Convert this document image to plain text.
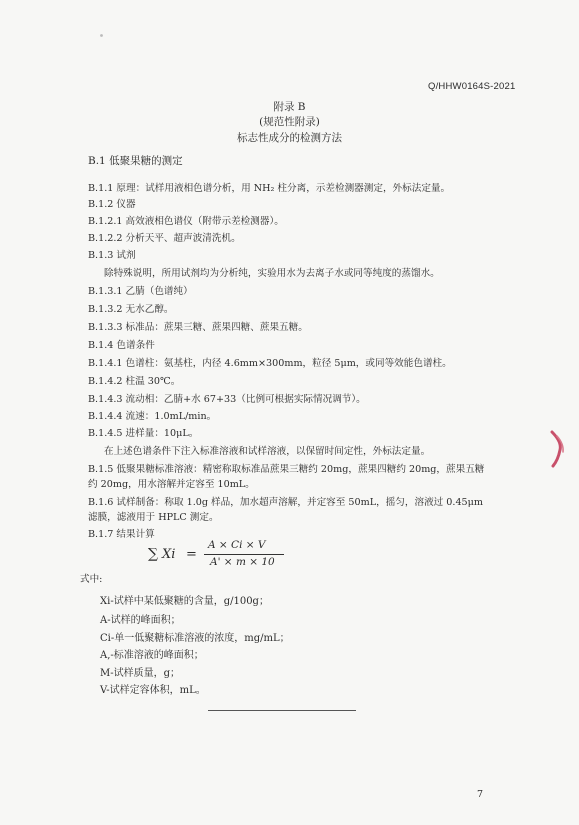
Q/HHW0164S-2021
附录 B
(规范性附录)
标志性成分的检测方法
B.1 低聚果糖的测定
B.1.1 原理：试样用液相色谱分析，用 NH₂ 柱分离，示差检测器测定，外标法定量。
B.1.2 仪器
B.1.2.1 高效液相色谱仪（附带示差检测器）。
B.1.2.2 分析天平、超声波清洗机。
B.1.3 试剂
除特殊说明，所用试剂均为分析纯，实验用水为去离子水或同等纯度的蒸馏水。
B.1.3.1 乙腈（色谱纯）
B.1.3.2 无水乙醇。
B.1.3.3 标准品：蔗果三糖、蔗果四糖、蔗果五糖。
B.1.4 色谱条件
B.1.4.1 色谱柱：氨基柱，内径 4.6mm×300mm，粒径 5μm，或同等效能色谱柱。
B.1.4.2 柱温 30℃。
B.1.4.3 流动相：乙腈+水 67+33（比例可根据实际情况调节）。
B.1.4.4 流速：1.0mL/min。
B.1.4.5 进样量：10μL。
在上述色谱条件下注入标准溶液和试样溶液，以保留时间定性，外标法定量。
B.1.5 低聚果糖标准溶液：精密称取标准品蔗果三糖约 20mg，蔗果四糖约 20mg，蔗果五糖
约 20mg，用水溶解并定容至 10mL。
B.1.6 试样制备：称取 1.0g 样品，加水超声溶解，并定容至 50mL，摇匀，溶液过 0.45μm
滤膜，滤液用于 HPLC 测定。
B.1.7 结果计算
∑ Xi =
A × Ci × V
A' × m × 10
式中:
Xi-试样中某低聚糖的含量，g/100g；
A-试样的峰面积；
Ci-单一低聚糖标准溶液的浓度，mg/mL；
A,-标准溶液的峰面积；
M-试样质量，g；
V-试样定容体积，mL。
7
